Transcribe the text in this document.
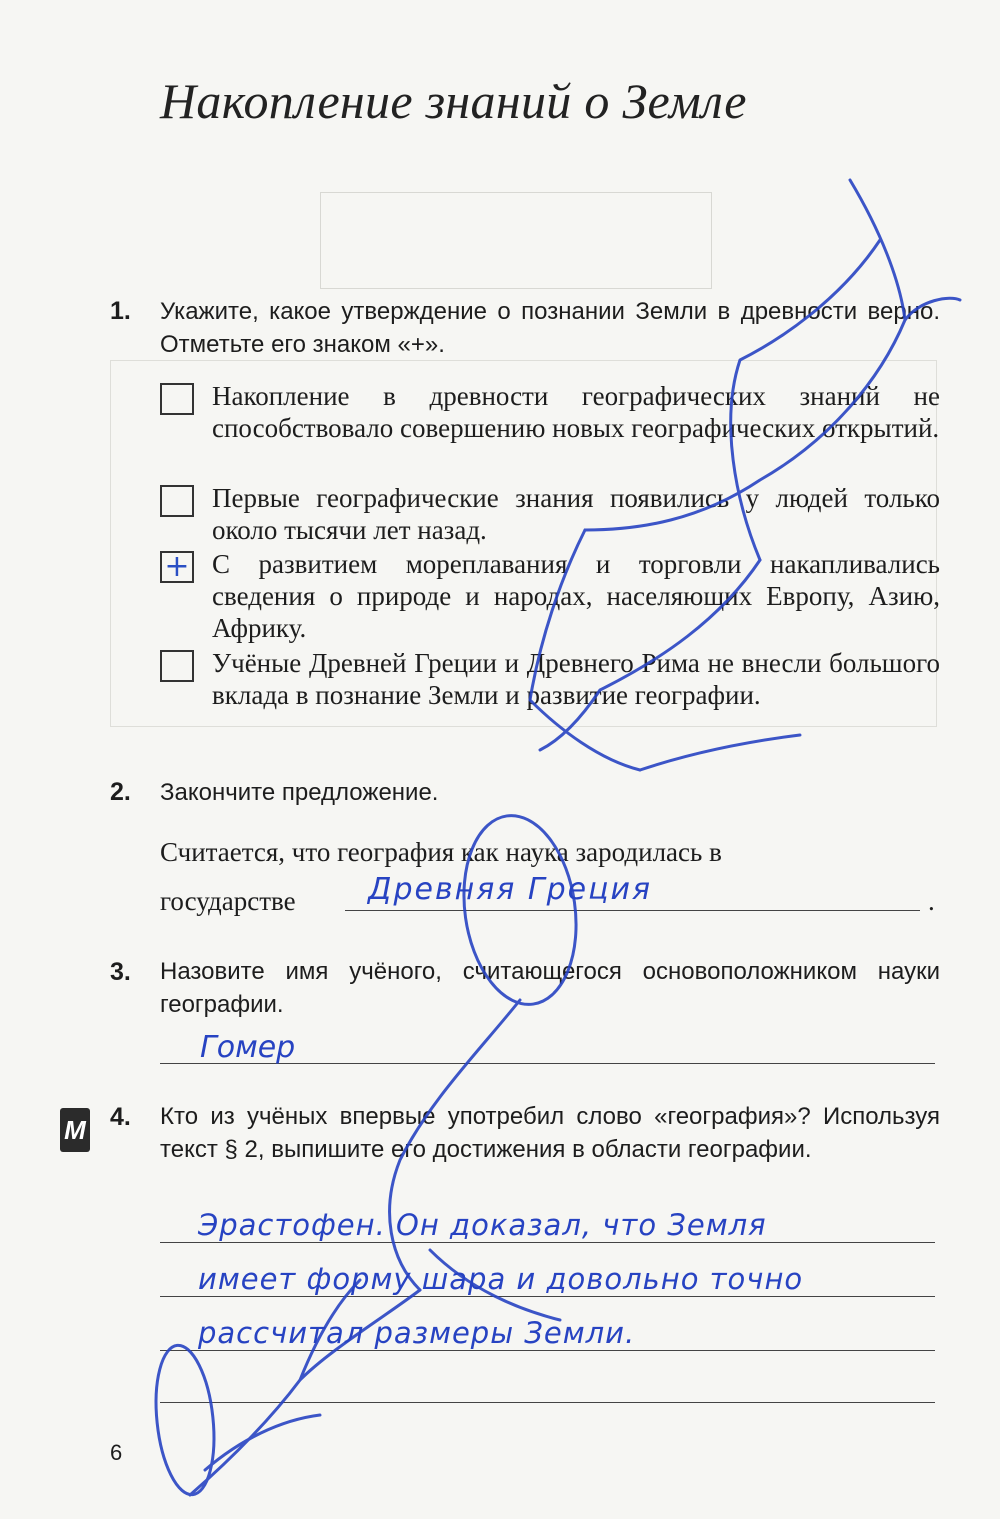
Накопление знаний о Земле
1. Укажите, какое утверждение о познании Земли в древности верно. Отметьте его знаком «+».
Накопление в древности географических знаний не способствовало совершению новых географических открытий.
Первые географические знания появились у людей только около тысячи лет назад.
+ С развитием мореплавания и торговли накапливались сведения о природе и народах, населяющих Европу, Азию, Африку.
Учёные Древней Греции и Древнего Рима не внесли большого вклада в познание Земли и развитие географии.
2. Закончите предложение.
Считается, что география как наука зародилась в
государстве	.
Древняя Греция
3. Назовите имя учёного, считающегося основоположником науки географии.
Гомер
М 4. Кто из учёных впервые употребил слово «география»? Используя текст § 2, выпишите его достижения в области географии.
Эрастофен. Он доказал, что Земля
имеет форму шара и довольно точно
рассчитал размеры Земли.
6
